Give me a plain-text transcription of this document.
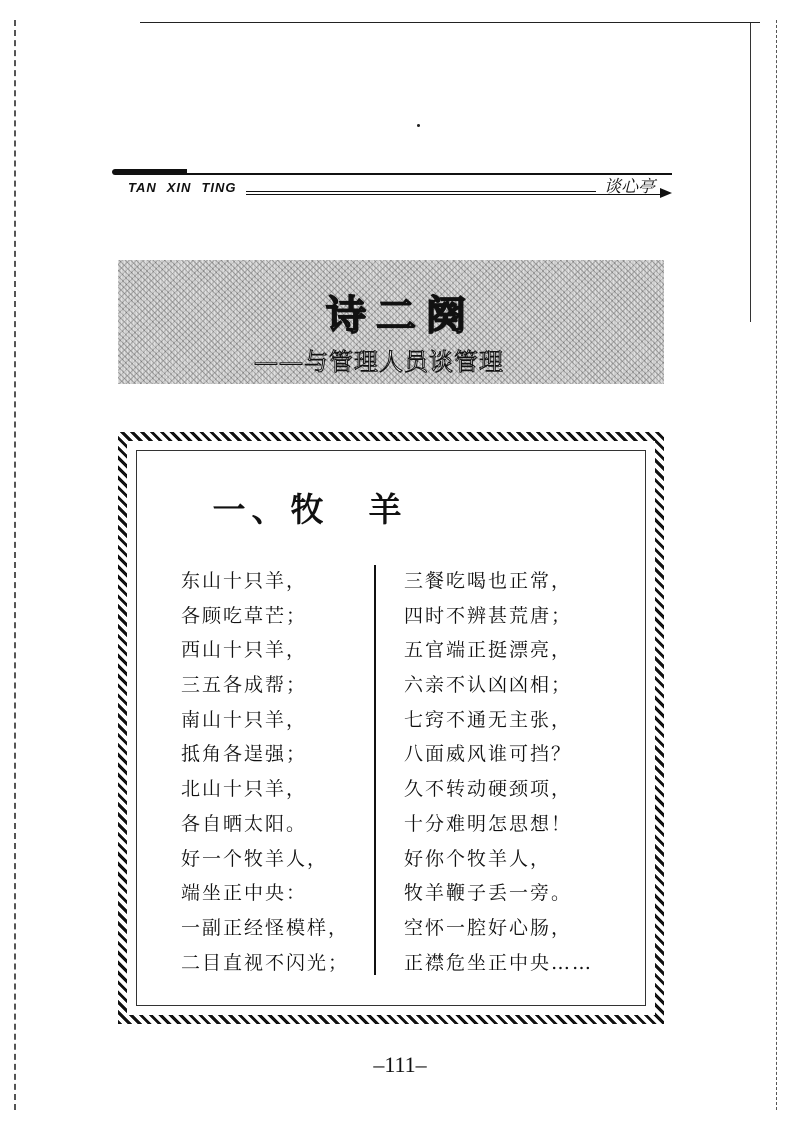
TAN XIN TING	谈心亭
诗二阕
——与管理人员谈管理
一、牧　羊
东山十只羊，
各顾吃草芒；
西山十只羊，
三五各成帮；
南山十只羊，
抵角各逞强；
北山十只羊，
各自晒太阳。
好一个牧羊人，
端坐正中央：
一副正经怪模样，
二目直视不闪光；
三餐吃喝也正常，
四时不辨甚荒唐；
五官端正挺漂亮，
六亲不认凶凶相；
七窍不通无主张，
八面威风谁可挡？
久不转动硬颈项，
十分难明怎思想！
好你个牧羊人，
牧羊鞭子丢一旁。
空怀一腔好心肠，
正襟危坐正中央……
–111–
